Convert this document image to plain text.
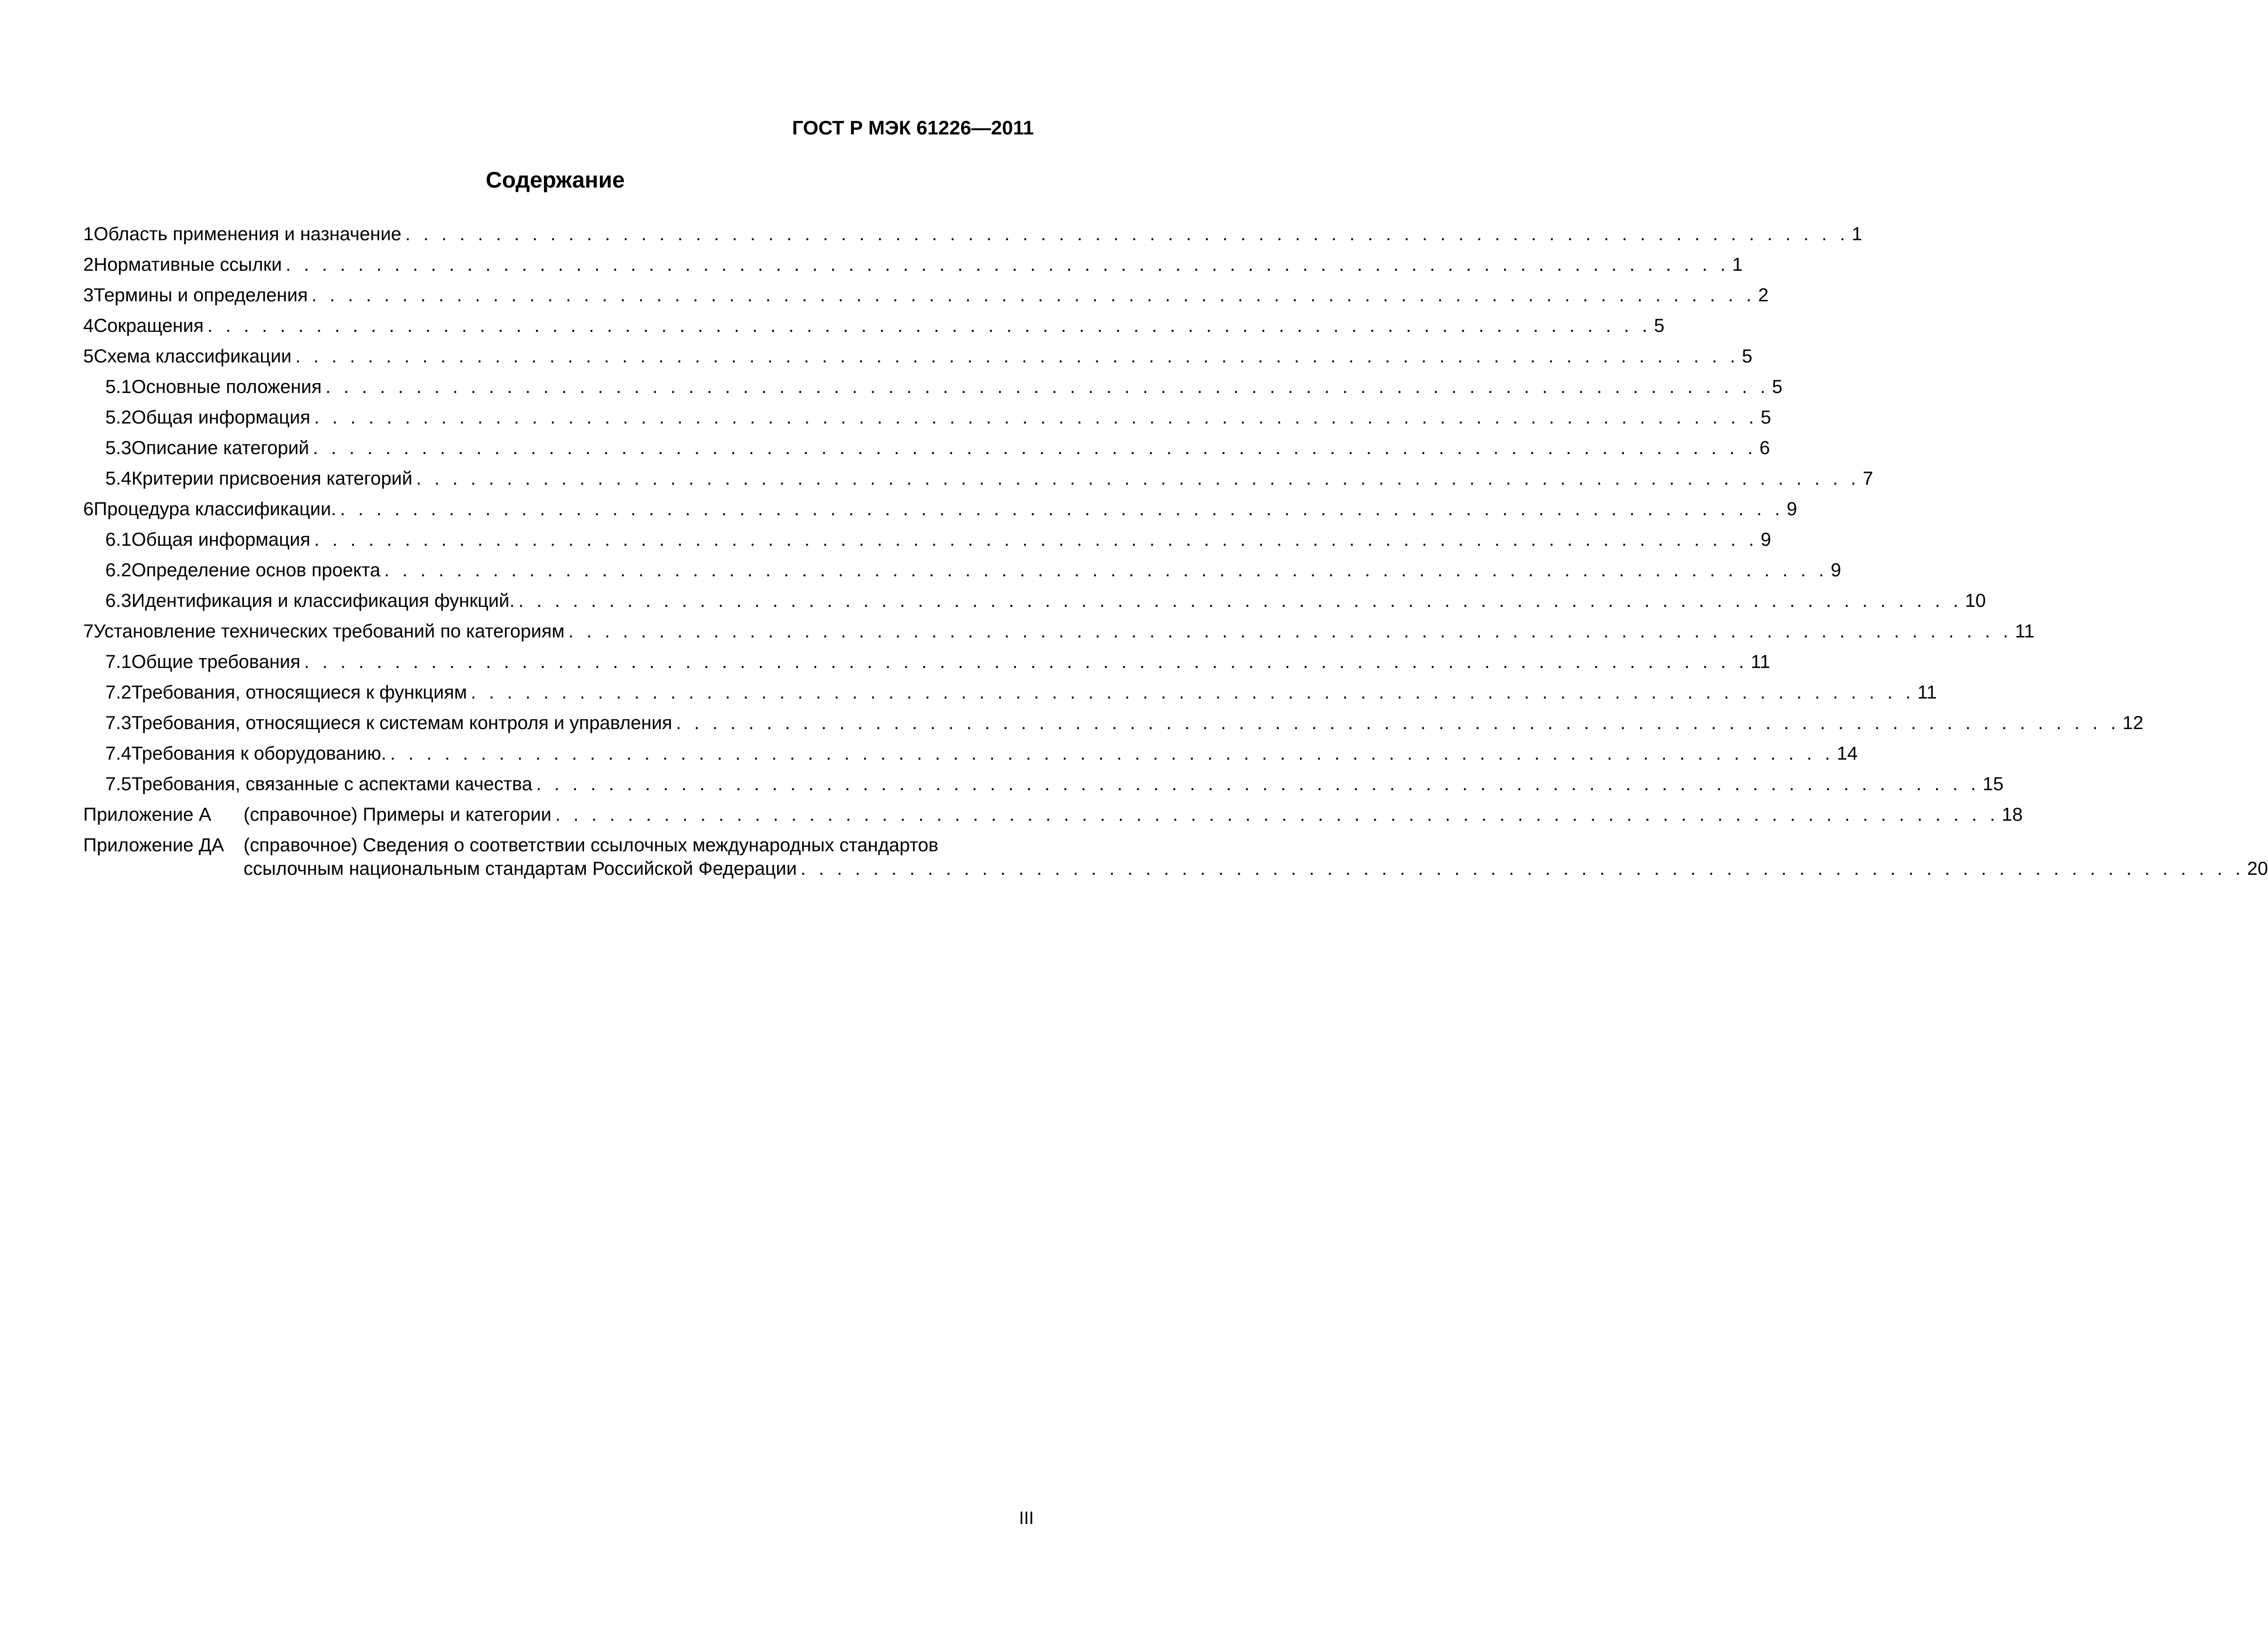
ГОСТ Р МЭК 61226—2011
Содержание
1 Область применения и назначение . . . . . . . . . . . . . . . . . . . . . . . . . . . . . . . . . . . . . . . . . . . . . . . . . . . . . . . . . . . . . . . . . . . . . . . . . . . . . . . . 1
2 Нормативные ссылки . . . . . . . . . . . . . . . . . . . . . . . . . . . . . . . . . . . . . . . . . . . . . . . . . . . . . . . . . . . . . . . . . . . . . . . . . . . . . . . . 1
3 Термины и определения . . . . . . . . . . . . . . . . . . . . . . . . . . . . . . . . . . . . . . . . . . . . . . . . . . . . . . . . . . . . . . . . . . . . . . . . . . . . . . . . 2
4 Сокращения . . . . . . . . . . . . . . . . . . . . . . . . . . . . . . . . . . . . . . . . . . . . . . . . . . . . . . . . . . . . . . . . . . . . . . . . . . . . . . . . 5
5 Схема классификации . . . . . . . . . . . . . . . . . . . . . . . . . . . . . . . . . . . . . . . . . . . . . . . . . . . . . . . . . . . . . . . . . . . . . . . . . . . . . . . . 5
5.1 Основные положения . . . . . . . . . . . . . . . . . . . . . . . . . . . . . . . . . . . . . . . . . . . . . . . . . . . . . . . . . . . . . . . . . . . . . . . . . . . . . . . . 5
5.2 Общая информация . . . . . . . . . . . . . . . . . . . . . . . . . . . . . . . . . . . . . . . . . . . . . . . . . . . . . . . . . . . . . . . . . . . . . . . . . . . . . . . . 5
5.3 Описание категорий . . . . . . . . . . . . . . . . . . . . . . . . . . . . . . . . . . . . . . . . . . . . . . . . . . . . . . . . . . . . . . . . . . . . . . . . . . . . . . . . 6
5.4 Критерии присвоения категорий . . . . . . . . . . . . . . . . . . . . . . . . . . . . . . . . . . . . . . . . . . . . . . . . . . . . . . . . . . . . . . . . . . . . . . . . . . . . . . . . 7
6 Процедура классификации. . . . . . . . . . . . . . . . . . . . . . . . . . . . . . . . . . . . . . . . . . . . . . . . . . . . . . . . . . . . . . . . . . . . . . . . . . . . . . . . . 9
6.1 Общая информация . . . . . . . . . . . . . . . . . . . . . . . . . . . . . . . . . . . . . . . . . . . . . . . . . . . . . . . . . . . . . . . . . . . . . . . . . . . . . . . . 9
6.2 Определение основ проекта . . . . . . . . . . . . . . . . . . . . . . . . . . . . . . . . . . . . . . . . . . . . . . . . . . . . . . . . . . . . . . . . . . . . . . . . . . . . . . . . 9
6.3 Идентификация и классификация функций. . . . . . . . . . . . . . . . . . . . . . . . . . . . . . . . . . . . . . . . . . . . . . . . . . . . . . . . . . . . . . . . . . . . . . . . . . . . . . . . . 10
7 Установление технических требований по категориям . . . . . . . . . . . . . . . . . . . . . . . . . . . . . . . . . . . . . . . . . . . . . . . . . . . . . . . . . . . . . . . . . . . . . . . . . . . . . . . . 11
7.1 Общие требования . . . . . . . . . . . . . . . . . . . . . . . . . . . . . . . . . . . . . . . . . . . . . . . . . . . . . . . . . . . . . . . . . . . . . . . . . . . . . . . . 11
7.2 Требования, относящиеся к функциям . . . . . . . . . . . . . . . . . . . . . . . . . . . . . . . . . . . . . . . . . . . . . . . . . . . . . . . . . . . . . . . . . . . . . . . . . . . . . . . . 11
7.3 Требования, относящиеся к системам контроля и управления . . . . . . . . . . . . . . . . . . . . . . . . . . . . . . . . . . . . . . . . . . . . . . . . . . . . . . . . . . . . . . . . . . . . . . . . . . . . . . . . 12
7.4 Требования к оборудованию. . . . . . . . . . . . . . . . . . . . . . . . . . . . . . . . . . . . . . . . . . . . . . . . . . . . . . . . . . . . . . . . . . . . . . . . . . . . . . . . . 14
7.5 Требования, связанные с аспектами качества . . . . . . . . . . . . . . . . . . . . . . . . . . . . . . . . . . . . . . . . . . . . . . . . . . . . . . . . . . . . . . . . . . . . . . . . . . . . . . . . 15
Приложение А	(справочное) Примеры и категории . . . . . . . . . . . . . . . . . . . . . . . . . . . . . . . . . . . . . . . . . . . . . . . . . . . . . . . . . . . . . . . . . . . . . . . . . . . . . . . . 18
Приложение ДА	(справочное) Сведения о соответствии ссылочных международных стандартов
ссылочным национальным стандартам Российской Федерации . . . . . . . . . . . . . . . . . . . . . . . . . . . . . . . . . . . . . . . . . . . . . . . . . . . . . . . . . . . . . . . . . . . . . . . . . . . . . . . . 20
III
